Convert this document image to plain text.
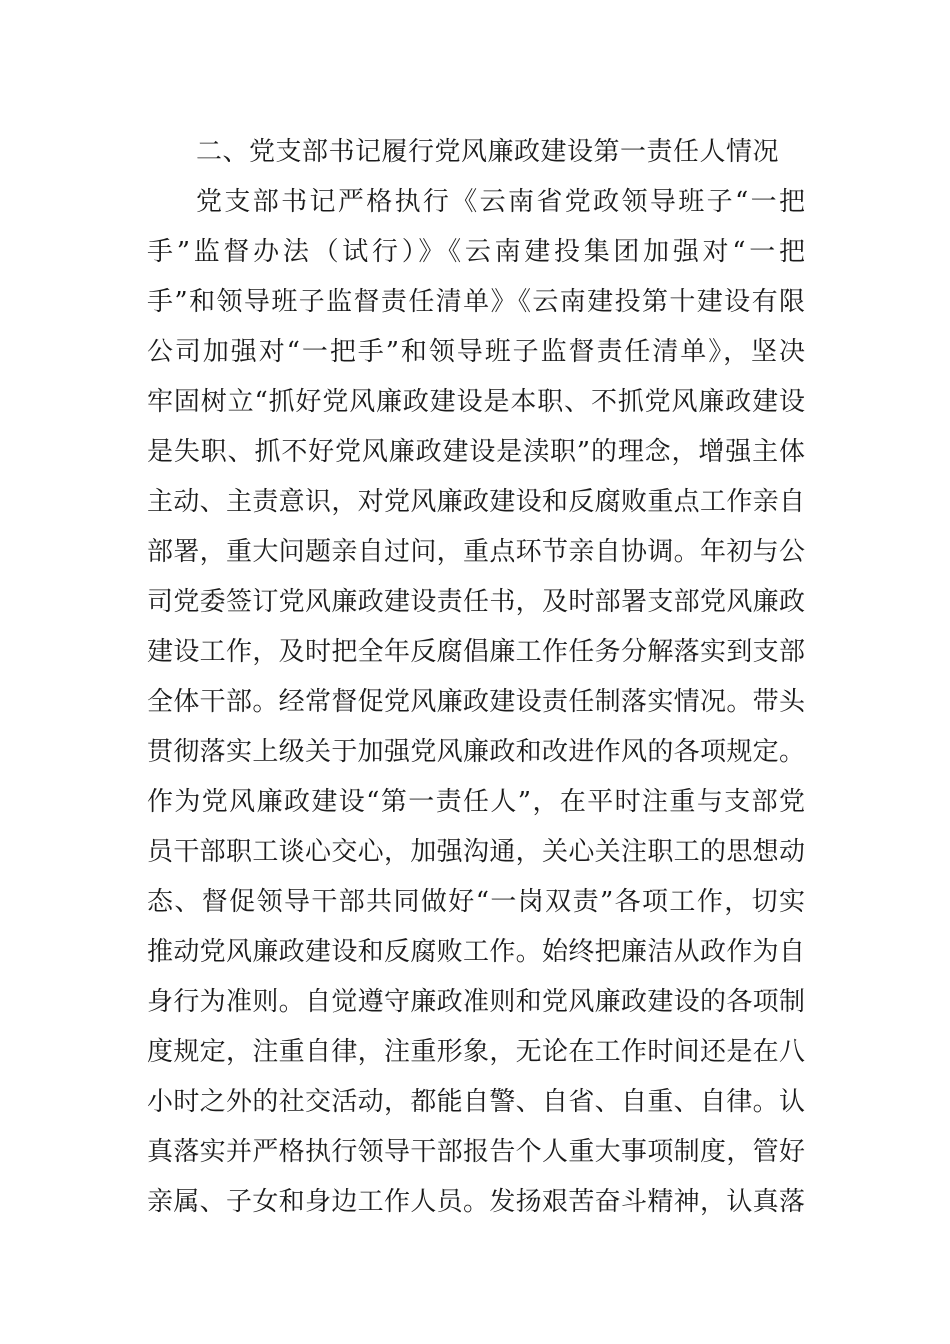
二、党支部书记履行党风廉政建设第一责任人情况
党支部书记严格执行《云南省党政领导班子“一把
手”监督办法（试行）》《云南建投集团加强对“一把
手”和领导班子监督责任清单》《云南建投第十建设有限
公司加强对“一把手”和领导班子监督责任清单》，坚决
牢固树立“抓好党风廉政建设是本职、不抓党风廉政建设
是失职、抓不好党风廉政建设是渎职”的理念，增强主体
主动、主责意识，对党风廉政建设和反腐败重点工作亲自
部署，重大问题亲自过问，重点环节亲自协调。年初与公
司党委签订党风廉政建设责任书，及时部署支部党风廉政
建设工作，及时把全年反腐倡廉工作任务分解落实到支部
全体干部。经常督促党风廉政建设责任制落实情况。带头
贯彻落实上级关于加强党风廉政和改进作风的各项规定。
作为党风廉政建设“第一责任人”，在平时注重与支部党
员干部职工谈心交心，加强沟通，关心关注职工的思想动
态、督促领导干部共同做好“一岗双责”各项工作，切实
推动党风廉政建设和反腐败工作。始终把廉洁从政作为自
身行为准则。自觉遵守廉政准则和党风廉政建设的各项制
度规定，注重自律，注重形象，无论在工作时间还是在八
小时之外的社交活动，都能自警、自省、自重、自律。认
真落实并严格执行领导干部报告个人重大事项制度，管好
亲属、子女和身边工作人员。发扬艰苦奋斗精神，认真落
